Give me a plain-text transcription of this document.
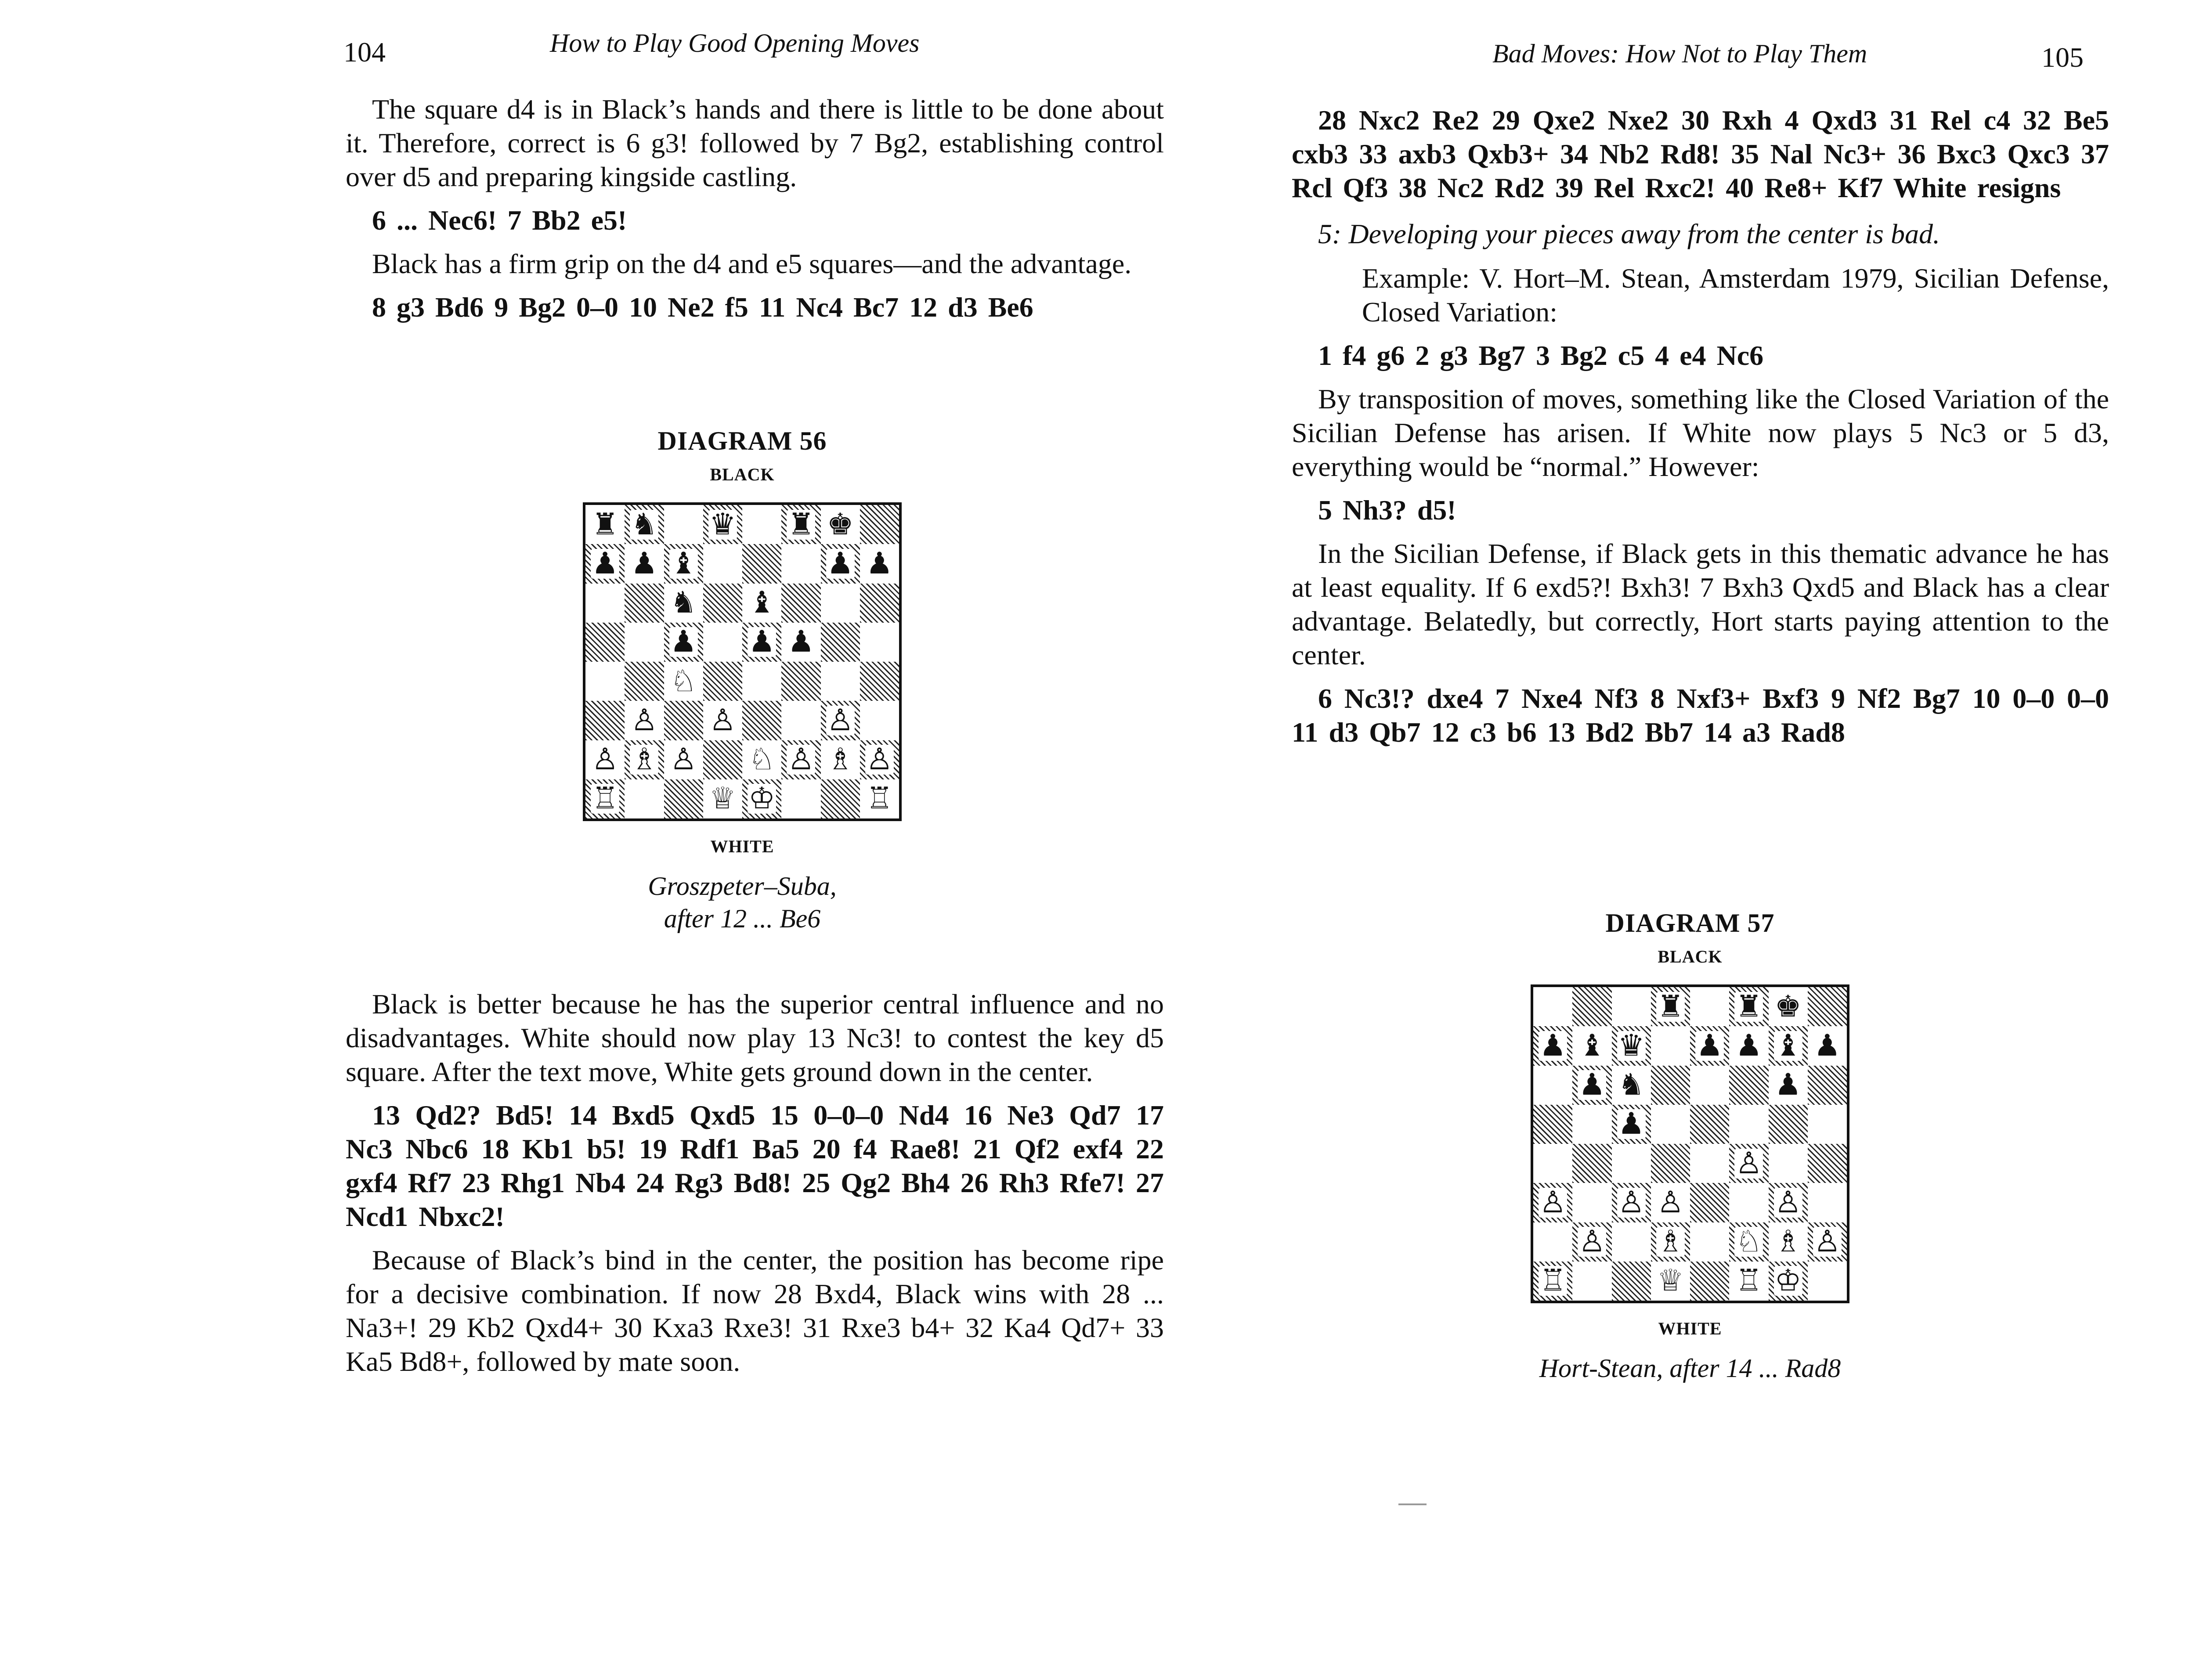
104	How to Play Good Opening Moves

The square d4 is in Black’s hands and there is little to be done about it. Therefore, correct is 6 g3! followed by 7 Bg2, establishing control over d5 and preparing kingside castling.

6 ... Nec6! 7 Bb2 e5!

Black has a firm grip on the d4 and e5 squares—and the advantage.

8 g3 Bd6 9 Bg2 0–0 10 Ne2 f5 11 Nc4 Bc7 12 d3 Be6

DIAGRAM 56
BLACK
♜ ♞ ♛ ♜ ♚
♟ ♟ ♝	♟ ♟
♞ ♝
♟ ♟ ♟
♘
♙ ♙	♙
♙ ♗ ♙ ♘ ♙ ♗ ♙
♖	♕ ♔	♖
WHITE
Groszpeter–Suba,
after 12 ... Be6

Black is better because he has the superior central influence and no disadvantages. White should now play 13 Nc3! to contest the key d5 square. After the text move, White gets ground down in the center.

13 Qd2? Bd5! 14 Bxd5 Qxd5 15 0–0–0 Nd4 16 Ne3 Qd7 17 Nc3 Nbc6 18 Kb1 b5! 19 Rdf1 Ba5 20 f4 Rae8! 21 Qf2 exf4 22 gxf4 Rf7 23 Rhg1 Nb4 24 Rg3 Bd8! 25 Qg2 Bh4 26 Rh3 Rfe7! 27 Ncd1 Nbxc2!

Because of Black’s bind in the center, the position has become ripe for a decisive combination. If now 28 Bxd4, Black wins with 28 ... Na3+! 29 Kb2 Qxd4+ 30 Kxa3 Rxe3! 31 Rxe3 b4+ 32 Ka4 Qd7+ 33 Ka5 Bd8+, followed by mate soon.

Bad Moves: How Not to Play Them	105

28 Nxc2 Re2 29 Qxe2 Nxe2 30 Rxh 4 Qxd3 31 Rel c4 32 Be5 cxb3 33 axb3 Qxb3+ 34 Nb2 Rd8! 35 Nal Nc3+ 36 Bxc3 Qxc3 37 Rcl Qf3 38 Nc2 Rd2 39 Rel Rxc2! 40 Re8+ Kf7 White resigns

5: Developing your pieces away from the center is bad.

Example: V. Hort–M. Stean, Amsterdam 1979, Sicilian Defense, Closed Variation:

1 f4 g6 2 g3 Bg7 3 Bg2 c5 4 e4 Nc6

By transposition of moves, something like the Closed Variation of the Sicilian Defense has arisen. If White now plays 5 Nc3 or 5 d3, everything would be “normal.” However:

5 Nh3? d5!

In the Sicilian Defense, if Black gets in this thematic advance he has at least equality. If 6 exd5?! Bxh3! 7 Bxh3 Qxd5 and Black has a clear advantage. Belatedly, but correctly, Hort starts paying attention to the center.

6 Nc3!? dxe4 7 Nxe4 Nf3 8 Nxf3+ Bxf3 9 Nf2 Bg7 10 0–0 0–0 11 d3 Qb7 12 c3 b6 13 Bd2 Bb7 14 a3 Rad8

DIAGRAM 57
BLACK
♜ ♜ ♚
♟ ♝ ♛ ♟ ♟ ♝ ♟
♟ ♞	♟
♟
♙
♙ ♙ ♙	♙
♙ ♗ ♘ ♗ ♙
♖	♕ ♖ ♔
WHITE
Hort-Stean, after 14 ... Rad8
